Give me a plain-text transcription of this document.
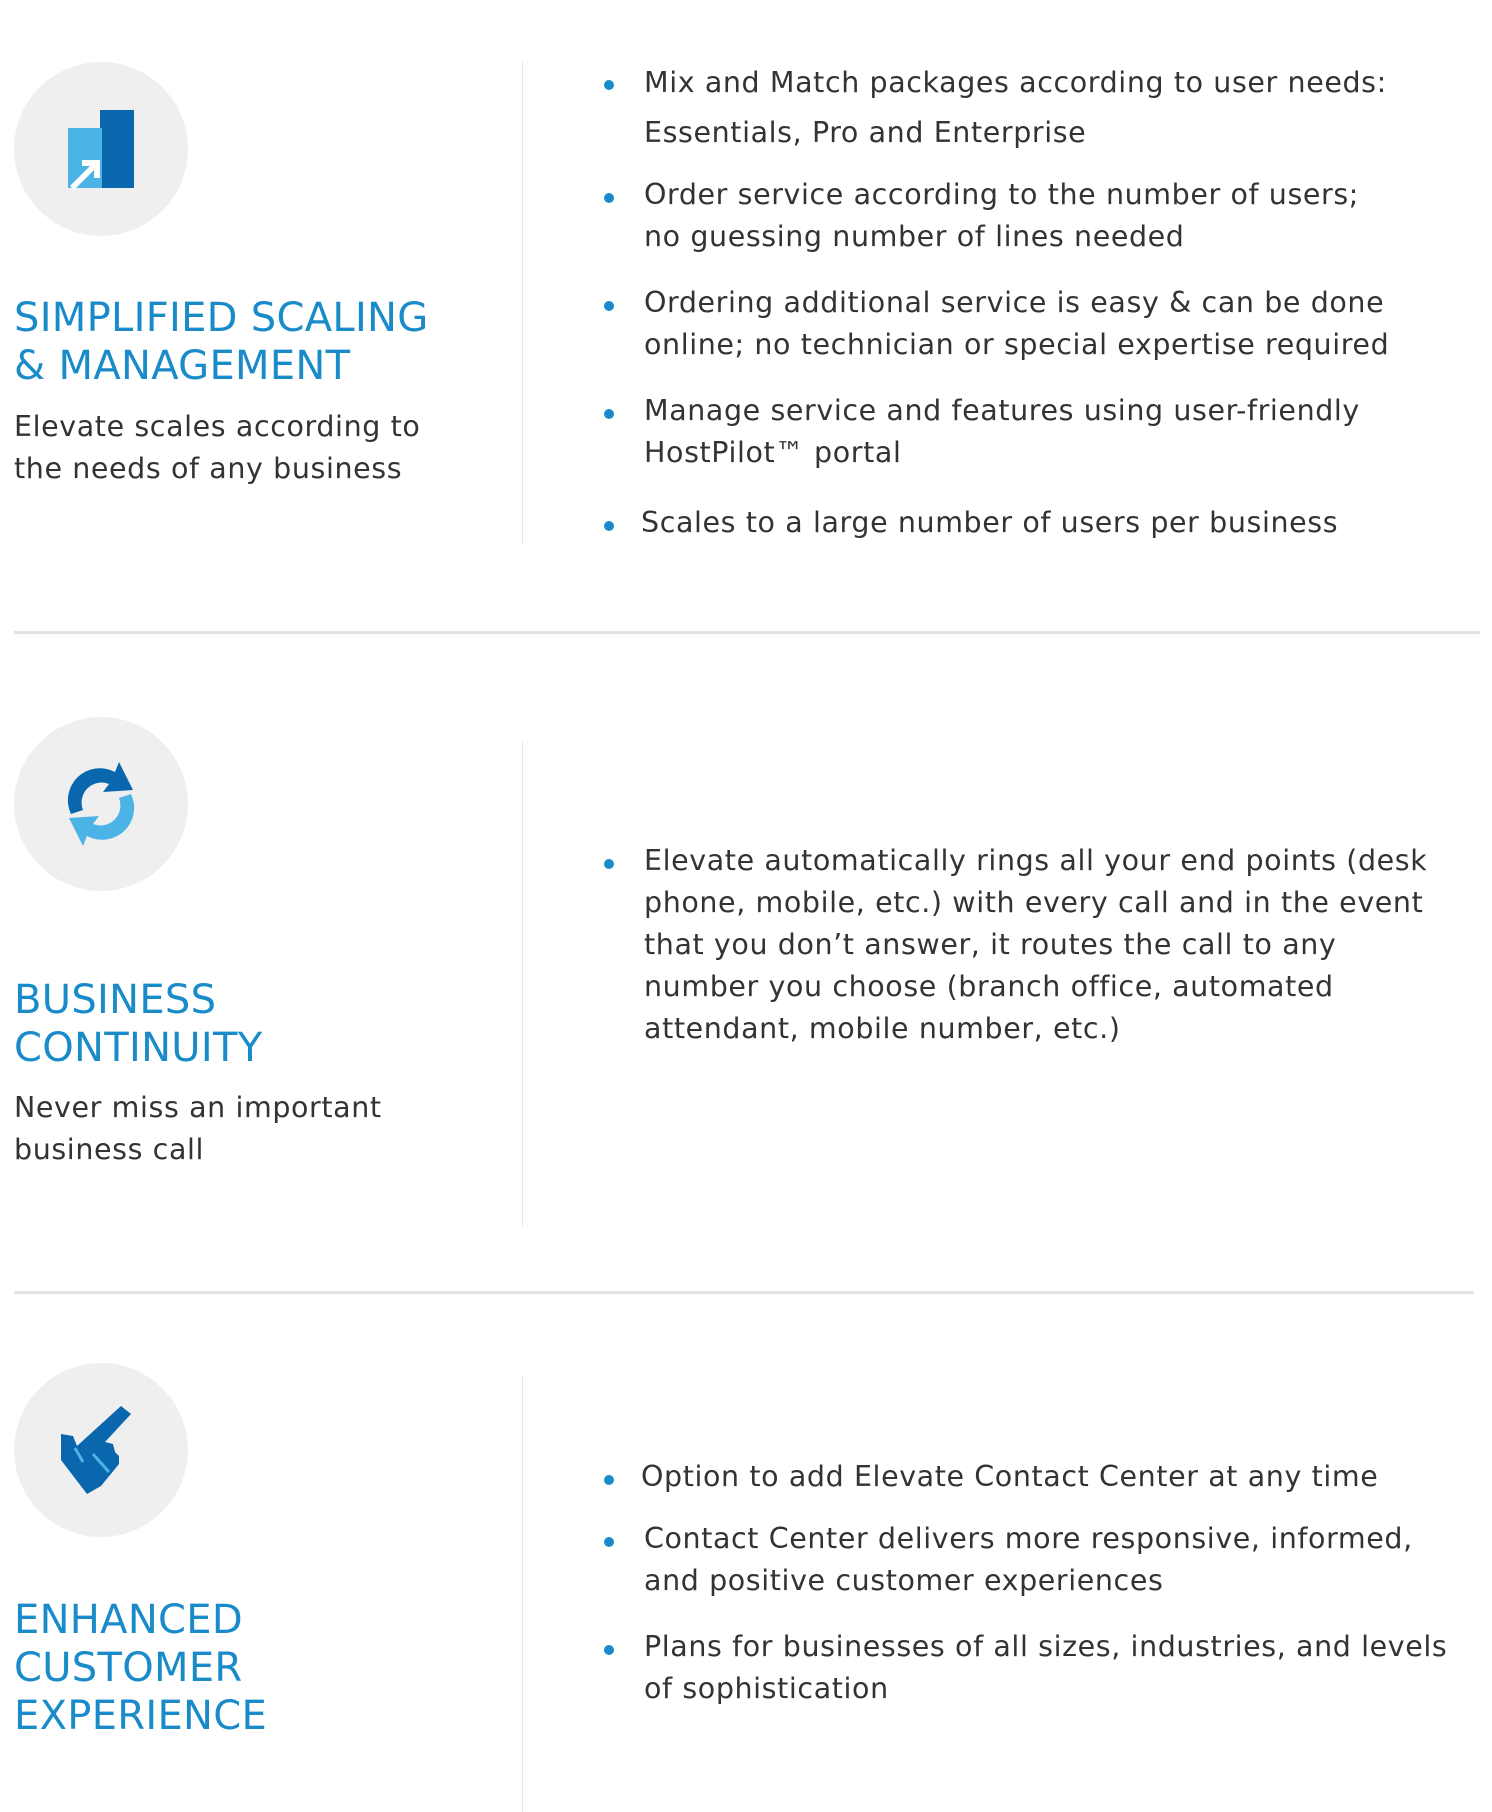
SIMPLIFIED SCALING
& MANAGEMENT

Elevate scales according to
the needs of any business

Mix and Match packages according to user needs:
Essentials, Pro and Enterprise
Order service according to the number of users;
no guessing number of lines needed
Ordering additional service is easy & can be done
online; no technician or special expertise required
Manage service and features using user-friendly
HostPilot™ portal
Scales to a large number of users per business
BUSINESS
CONTINUITY

Never miss an important
business call

Elevate automatically rings all your end points (desk
phone, mobile, etc.) with every call and in the event
that you don’t answer, it routes the call to any
number you choose (branch office, automated
attendant, mobile number, etc.)
ENHANCED
CUSTOMER
EXPERIENCE
Option to add Elevate Contact Center at any time
Contact Center delivers more responsive, informed,
and positive customer experiences
Plans for businesses of all sizes, industries, and levels
of sophistication
